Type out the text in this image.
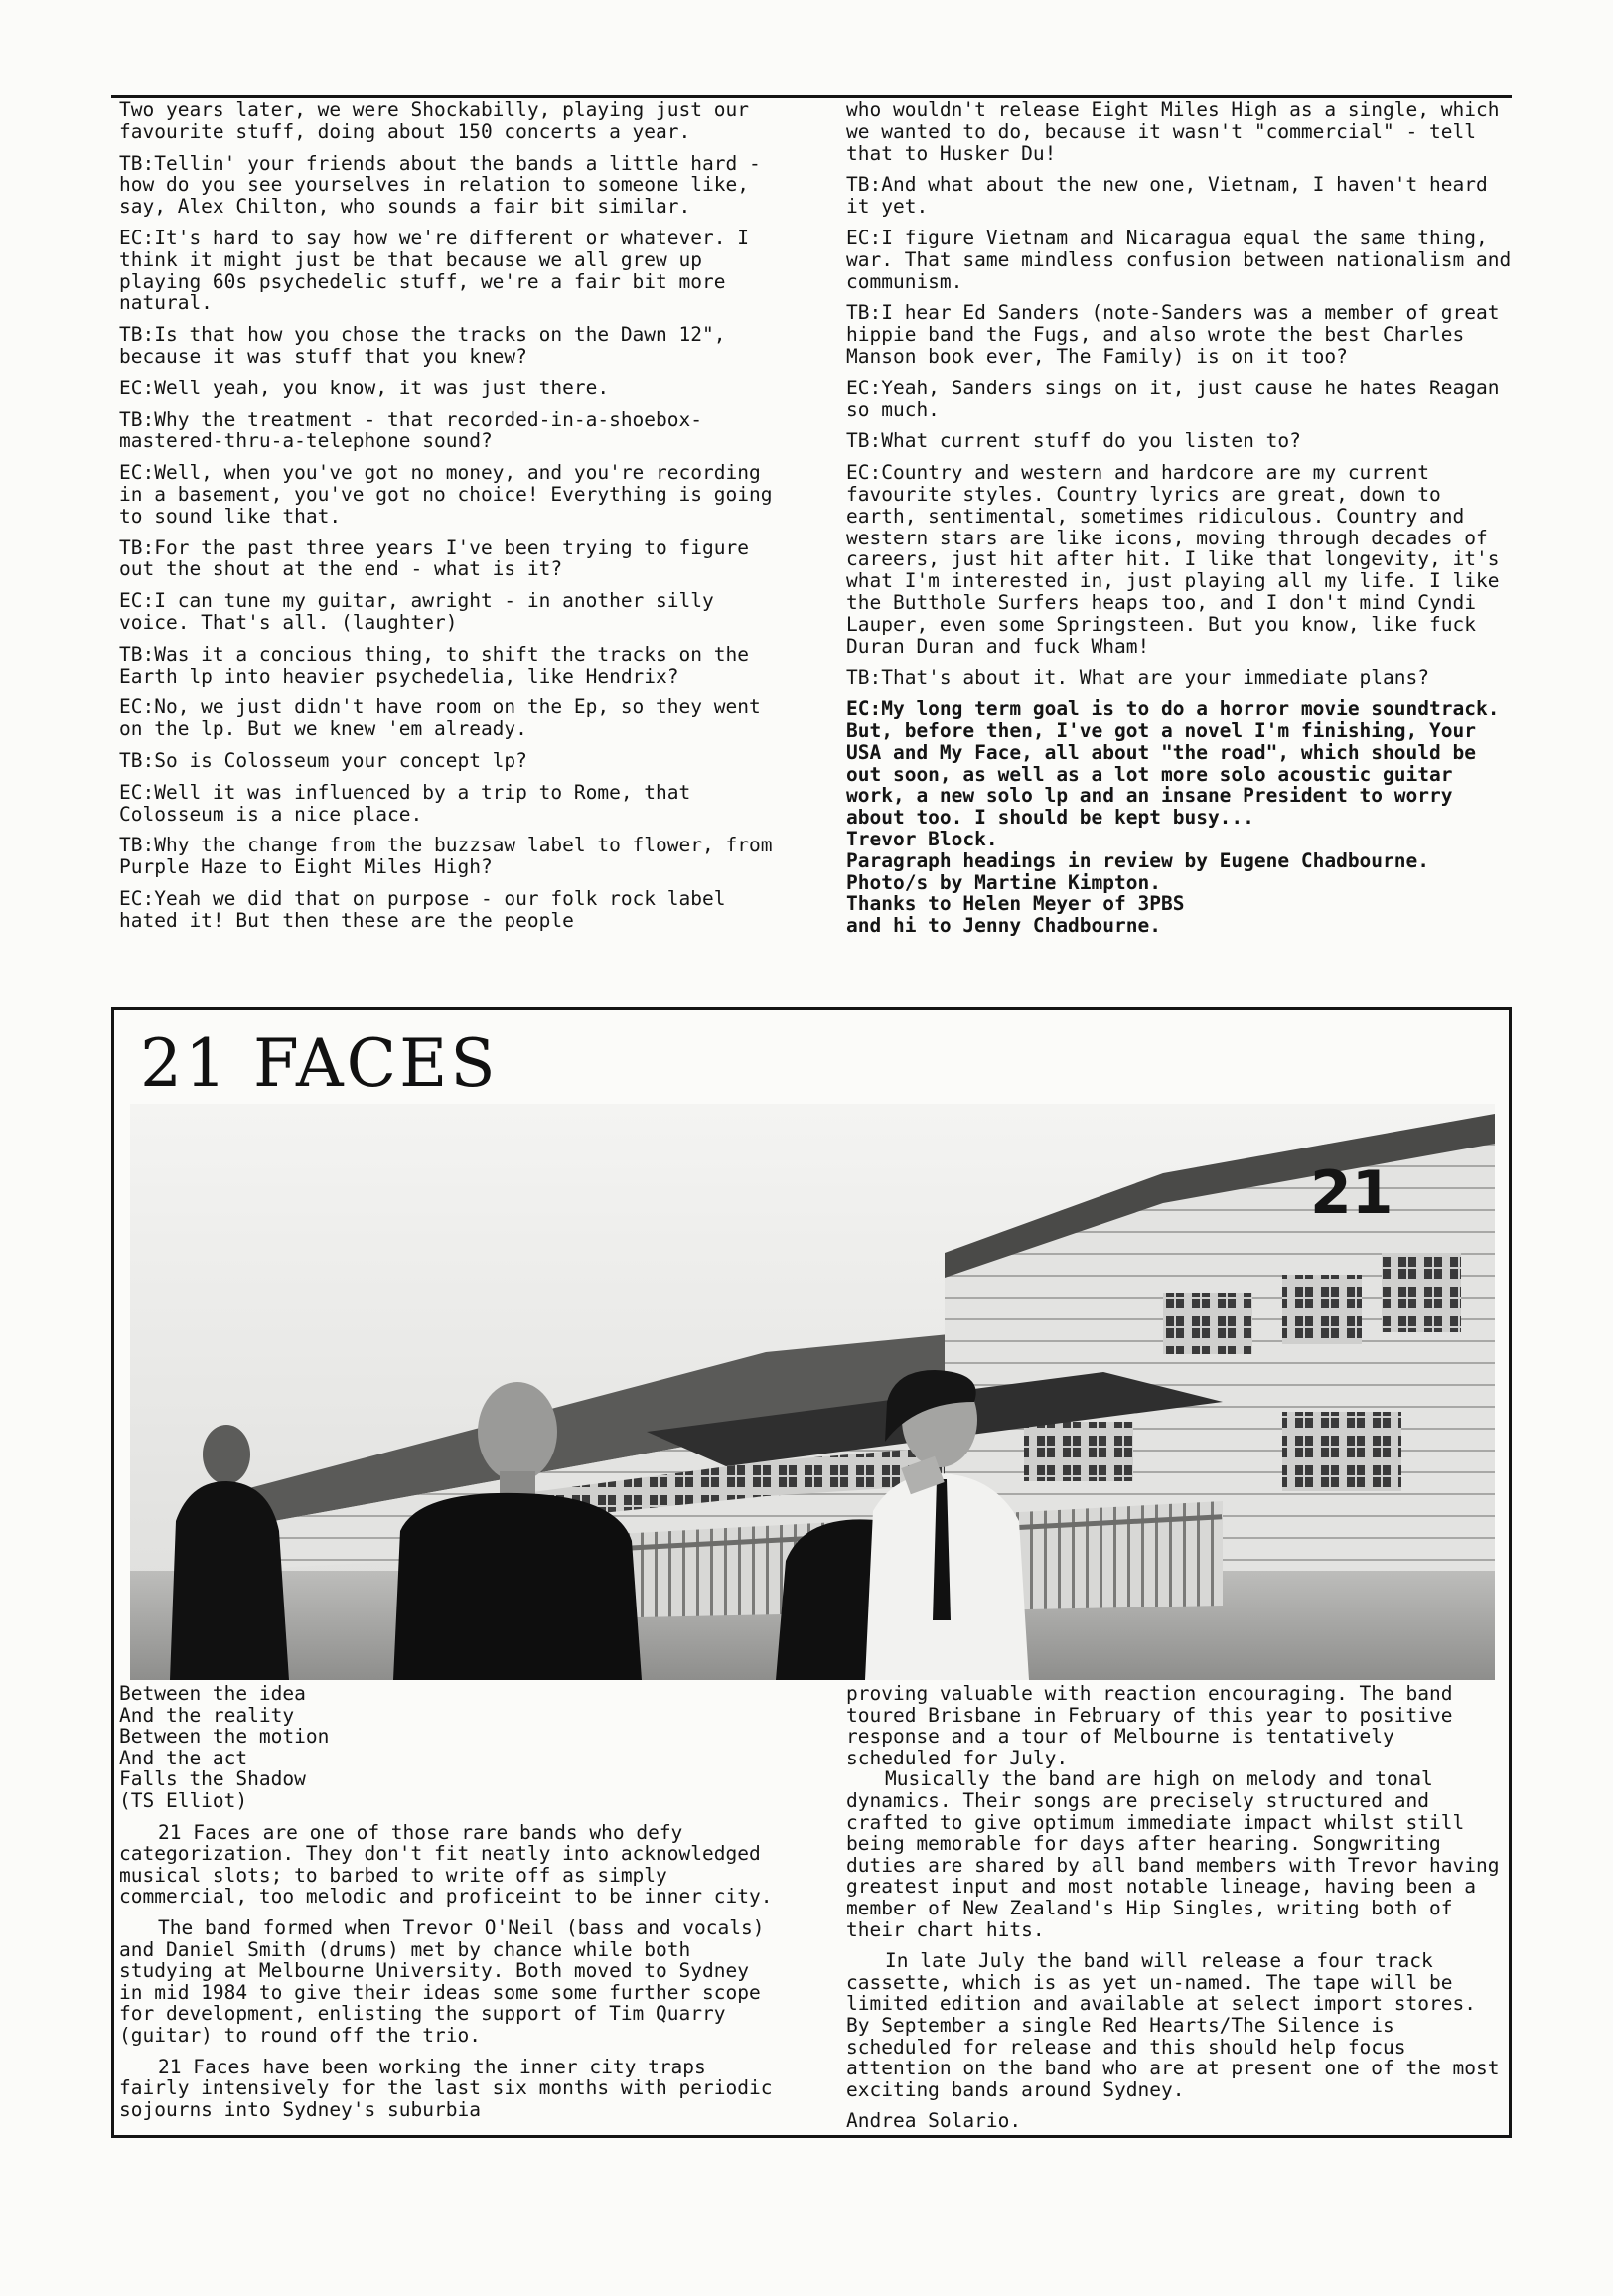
Two years later, we were Shockabilly, playing just our favourite stuff, doing about 150 concerts a year.

TB:Tellin' your friends about the bands a little hard - how do you see yourselves in relation to someone like, say, Alex Chilton, who sounds a fair bit similar.

EC:It's hard to say how we're different or whatever. I think it might just be that because we all grew up playing 60s psychedelic stuff, we're a fair bit more natural.

TB:Is that how you chose the tracks on the Dawn 12", because it was stuff that you knew?

EC:Well yeah, you know, it was just there.

TB:Why the treatment - that recorded-in-a-shoebox-mastered-thru-a-telephone sound?

EC:Well, when you've got no money, and you're recording in a basement, you've got no choice! Everything is going to sound like that.

TB:For the past three years I've been trying to figure out the shout at the end - what is it?

EC:I can tune my guitar, awright - in another silly voice. That's all. (laughter)

TB:Was it a concious thing, to shift the tracks on the Earth lp into heavier psychedelia, like Hendrix?

EC:No, we just didn't have room on the Ep, so they went on the lp. But we knew 'em already.

TB:So is Colosseum your concept lp?

EC:Well it was influenced by a trip to Rome, that Colosseum is a nice place.

TB:Why the change from the buzzsaw label to flower, from Purple Haze to Eight Miles High?

EC:Yeah we did that on purpose - our folk rock label hated it! But then these are the people

who wouldn't release Eight Miles High as a single, which we wanted to do, because it wasn't "commercial" - tell that to Husker Du!

TB:And what about the new one, Vietnam, I haven't heard it yet.

EC:I figure Vietnam and Nicaragua equal the same thing, war. That same mindless confusion between nationalism and communism.

TB:I hear Ed Sanders (note-Sanders was a member of great hippie band the Fugs, and also wrote the best Charles Manson book ever, The Family) is on it too?

EC:Yeah, Sanders sings on it, just cause he hates Reagan so much.

TB:What current stuff do you listen to?

EC:Country and western and hardcore are my current favourite styles. Country lyrics are great, down to earth, sentimental, sometimes ridiculous. Country and western stars are like icons, moving through decades of careers, just hit after hit. I like that longevity, it's what I'm interested in, just playing all my life. I like the Butthole Surfers heaps too, and I don't mind Cyndi Lauper, even some Springsteen. But you know, like fuck Duran Duran and fuck Wham!

TB:That's about it. What are your immediate plans?

EC:My long term goal is to do a horror movie soundtrack. But, before then, I've got a novel I'm finishing, Your USA and My Face, all about "the road", which should be out soon, as well as a lot more solo acoustic guitar work, a new solo lp and an insane President to worry about too. I should be kept busy...

Trevor Block.
Paragraph headings in review by Eugene Chadbourne.
Photo/s by Martine Kimpton.
Thanks to Helen Meyer of 3PBS
and hi to Jenny Chadbourne.
21 FACES
21
Between the idea
And the reality
Between the motion
And the act
Falls the Shadow
(TS Elliot)

21 Faces are one of those rare bands who defy categorization. They don't fit neatly into acknowledged musical slots; to barbed to write off as simply commercial, too melodic and proficeint to be inner city.

The band formed when Trevor O'Neil (bass and vocals) and Daniel Smith (drums) met by chance while both studying at Melbourne University. Both moved to Sydney in mid 1984 to give their ideas some some further scope for development, enlisting the support of Tim Quarry (guitar) to round off the trio.

21 Faces have been working the inner city traps fairly intensively for the last six months with periodic sojourns into Sydney's suburbia

proving valuable with reaction encouraging. The band toured Brisbane in February of this year to positive response and a tour of Melbourne is tentatively scheduled for July.

Musically the band are high on melody and tonal dynamics. Their songs are precisely structured and crafted to give optimum immediate impact whilst still being memorable for days after hearing. Songwriting duties are shared by all band members with Trevor having greatest input and most notable lineage, having been a member of New Zealand's Hip Singles, writing both of their chart hits.

In late July the band will release a four track cassette, which is as yet un-named. The tape will be limited edition and available at select import stores. By September a single Red Hearts/The Silence is scheduled for release and this should help focus attention on the band who are at present one of the most exciting bands around Sydney.

Andrea Solario.
